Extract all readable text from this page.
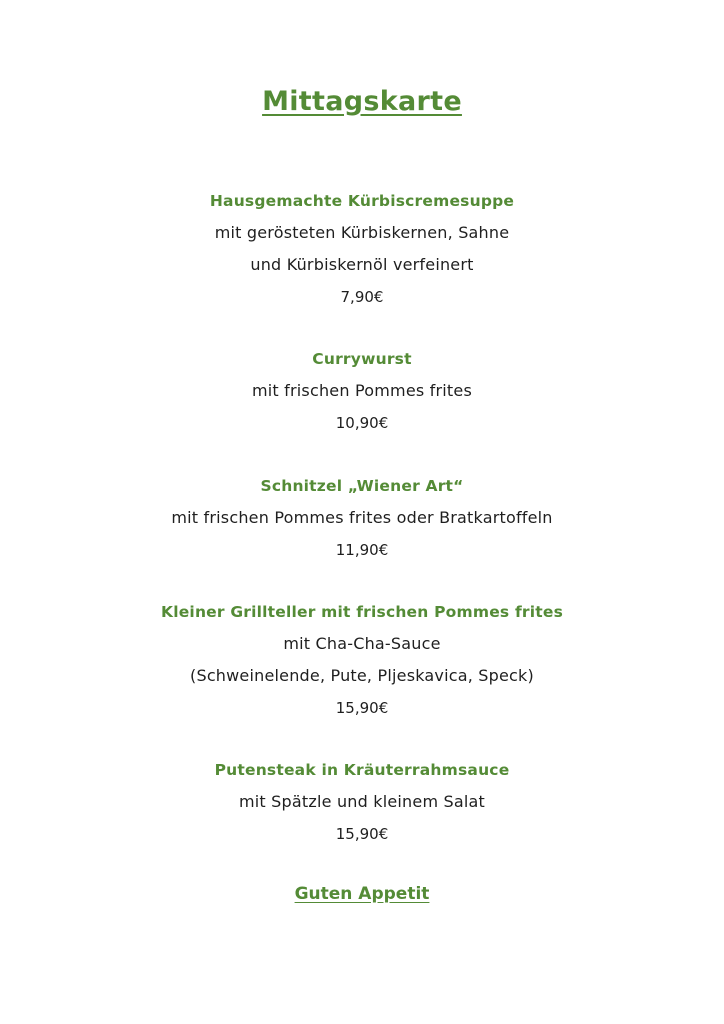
Mittagskarte
Hausgemachte Kürbiscremesuppe
mit gerösteten Kürbiskernen, Sahne
und Kürbiskernöl verfeinert
7,90€
Currywurst
mit frischen Pommes frites
10,90€
Schnitzel „Wiener Art“
mit frischen Pommes frites oder Bratkartoffeln
11,90€
Kleiner Grillteller mit frischen Pommes frites
mit Cha-Cha-Sauce
(Schweinelende, Pute, Pljeskavica, Speck)
15,90€
Putensteak in Kräuterrahmsauce
mit Spätzle und kleinem Salat
15,90€
Guten Appetit
